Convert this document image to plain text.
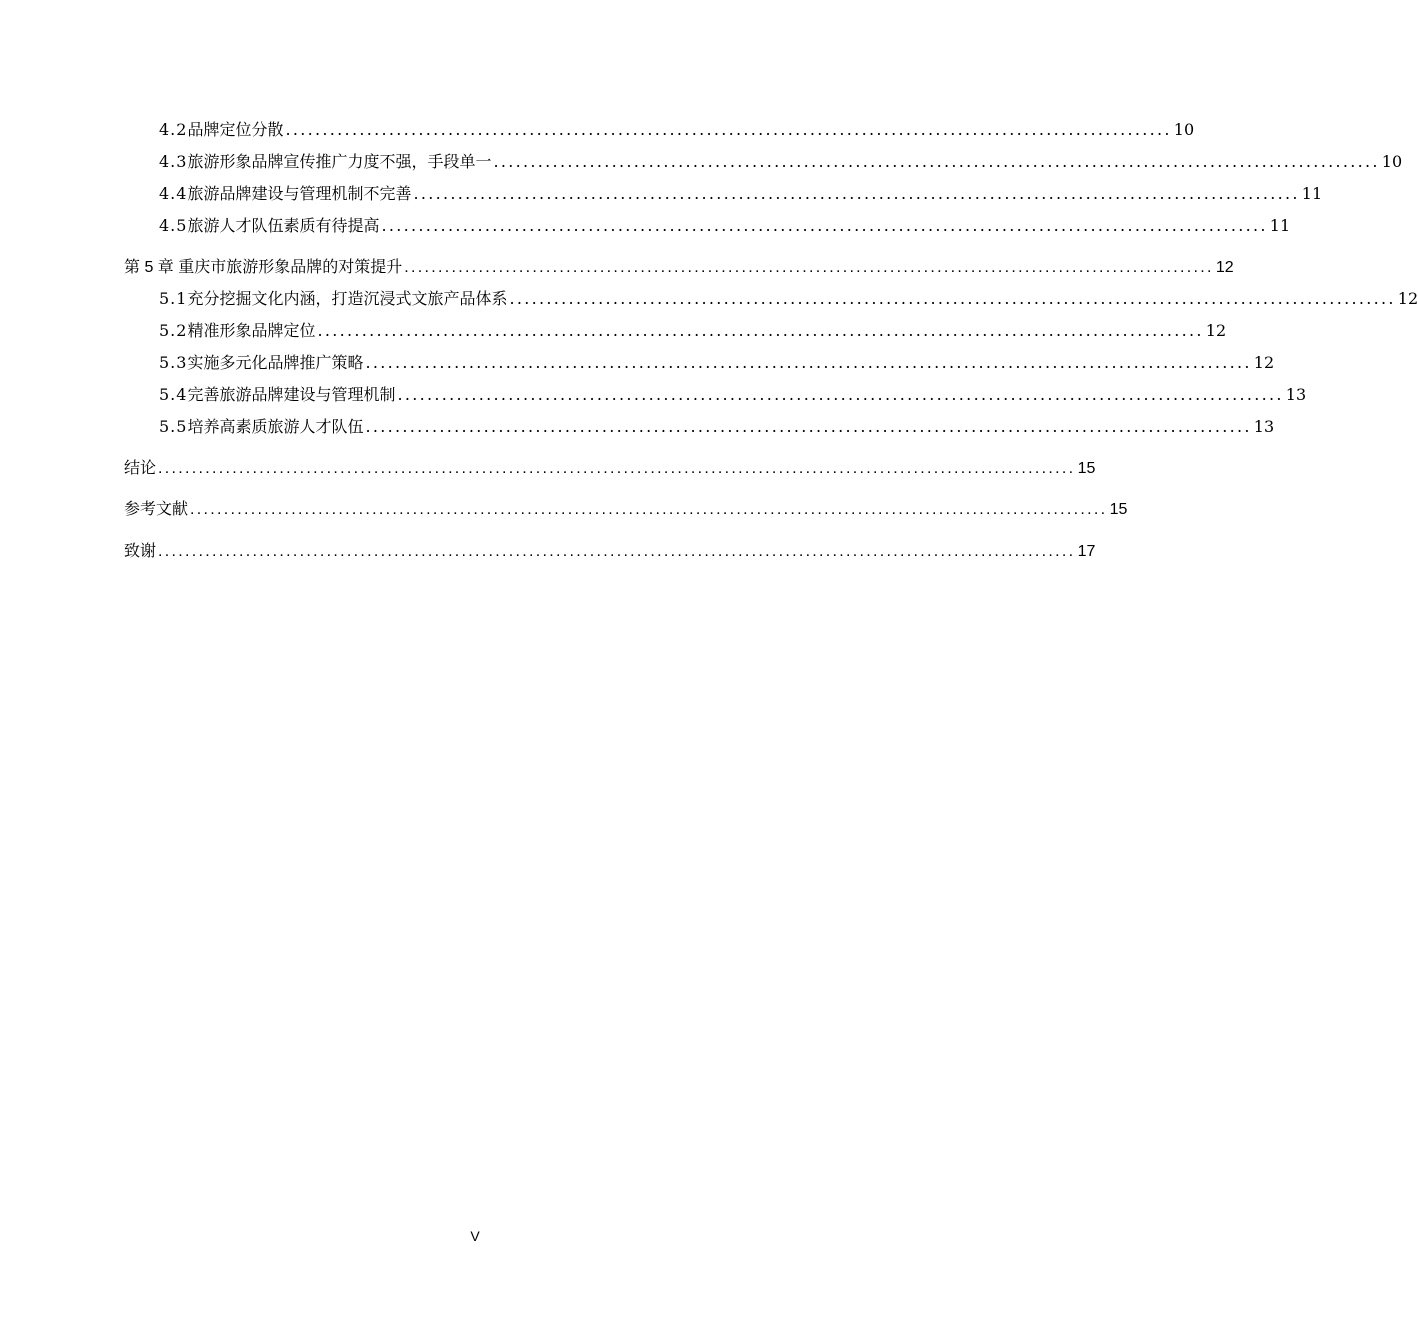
4.2 品牌定位分散 ........................................................................................................................ 10
4.3 旅游形象品牌宣传推广力度不强，手段单一 ........................................................................................................................ 10
4.4 旅游品牌建设与管理机制不完善 ........................................................................................................................ 11
4.5 旅游人才队伍素质有待提高 ........................................................................................................................ 11
第 5 章 重庆市旅游形象品牌的对策提升 ........................................................................................................................ 12
5.1 充分挖掘文化内涵，打造沉浸式文旅产品体系 ........................................................................................................................ 12
5.2 精准形象品牌定位 ........................................................................................................................ 12
5.3 实施多元化品牌推广策略 ........................................................................................................................ 12
5.4 完善旅游品牌建设与管理机制 ........................................................................................................................ 13
5.5 培养高素质旅游人才队伍 ........................................................................................................................ 13
结论 ........................................................................................................................................ 15
参考文献 ........................................................................................................................................ 15
致谢 ........................................................................................................................................ 17
V
